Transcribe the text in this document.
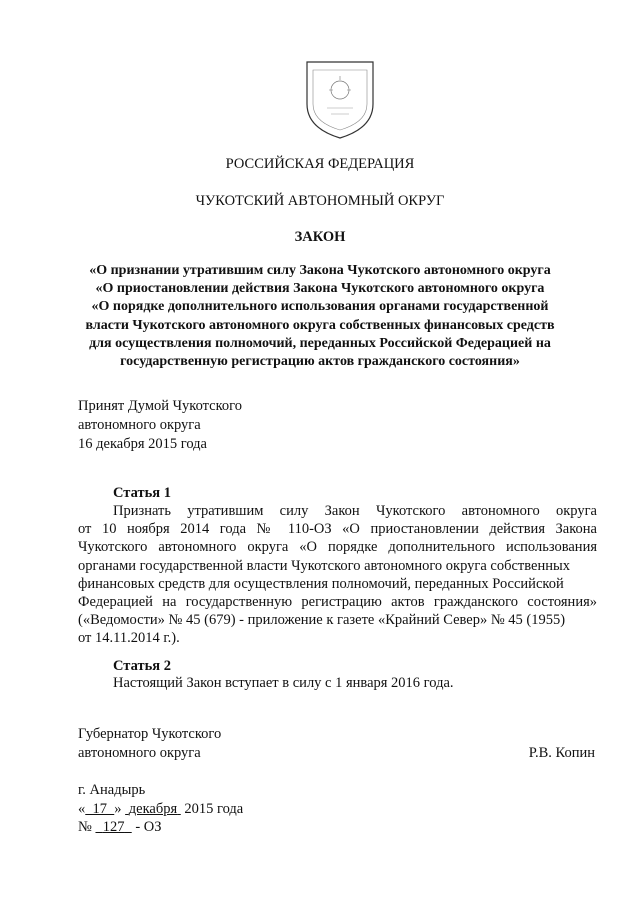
РОССИЙСКАЯ ФЕДЕРАЦИЯ
ЧУКОТСКИЙ АВТОНОМНЫЙ ОКРУГ
ЗАКОН
«О признании утратившим силу Закона Чукотского автономного округа
«О приостановлении действия Закона Чукотского автономного округа
«О порядке дополнительного использования органами государственной
власти Чукотского автономного округа собственных финансовых средств
для осуществления полномочий, переданных Российской Федерацией на
государственную регистрацию актов гражданского состояния»
Принят Думой Чукотского
автономного округа
16 декабря 2015 года
Статья 1
Признать утратившим силу Закон Чукотского автономного округа
от 10 ноября 2014 года № 110-ОЗ «О приостановлении действия Закона
Чукотского автономного округа «О порядке дополнительного использования
органами государственной власти Чукотского автономного округа собственных
финансовых средств для осуществления полномочий, переданных Российской
Федерацией на государственную регистрацию актов гражданского состояния»
(«Ведомости» № 45 (679) - приложение к газете «Крайний Север» № 45 (1955)
от 14.11.2014 г.).
Статья 2
Настоящий Закон вступает в силу с 1 января 2016 года.
Губернатор Чукотского
автономного округа	Р.В. Копин
г. Анадырь
« 17 » декабря 2015 года
№ 127 - ОЗ
